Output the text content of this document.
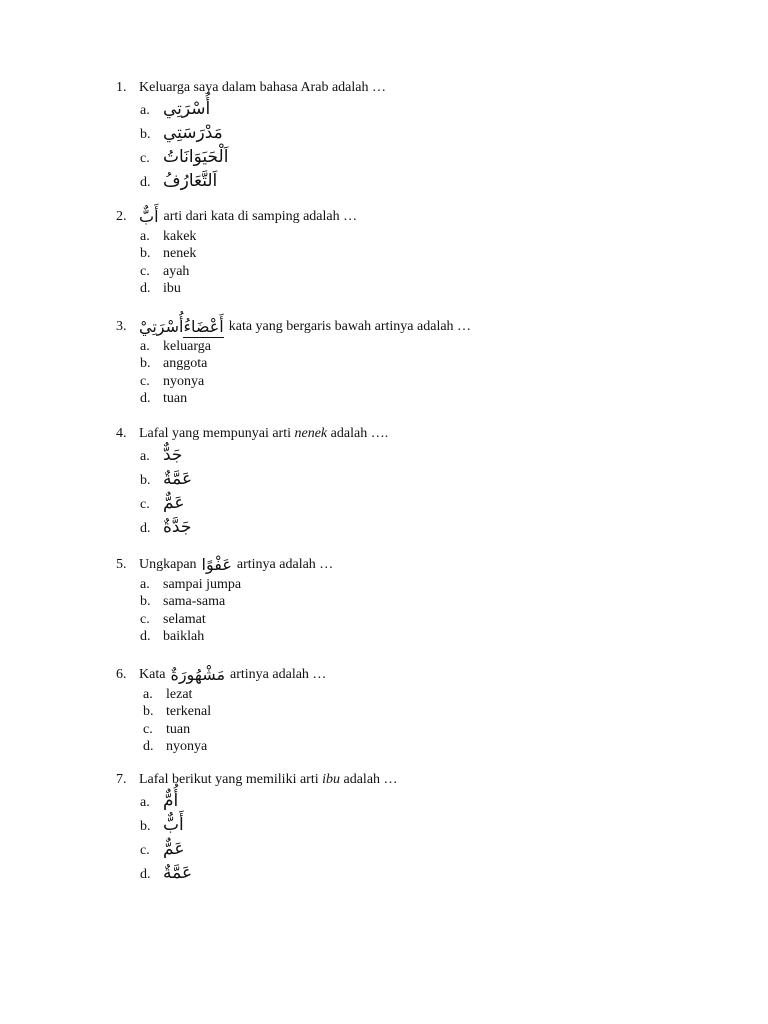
1. Keluarga saya dalam bahasa Arab adalah …
a. أُسْرَتِي
b. مَدْرَسَتِي
c. اَلْحَيَوَانَاتُ
d. اَلتَّعَارُفُ
2. أَبٌّ arti dari kata di samping adalah …
a. kakek
b. nenek
c. ayah
d. ibu
3.	أَعْضَاءُأُسْرَتِيْ	kata yang bergaris bawah artinya adalah …
a. keluarga
b. anggota
c. nyonya
d. tuan
4. Lafal yang mempunyai arti nenek adalah ….
a. جَدٌّ
b. عَمَّةٌ
c. عَمٌّ
d. جَدَّةٌ
5. Ungkapan عَفْوًا artinya adalah …
a. sampai jumpa
b. sama-sama
c. selamat
d. baiklah
6. Kata مَشْهُورَةٌ artinya adalah …
a. lezat
b. terkenal
c. tuan
d. nyonya
7. Lafal berikut yang memiliki arti ibu adalah …
a. أُمٌّ
b. أَبٌّ
c. عَمٌّ
d. عَمَّةٌ
